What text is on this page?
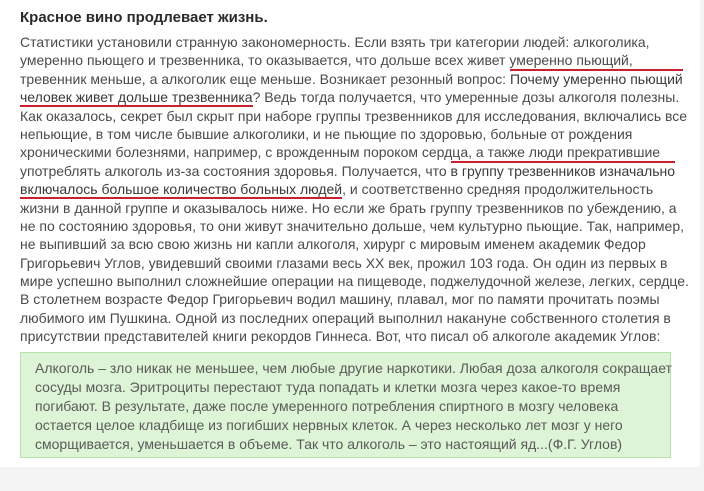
Красное вино продлевает жизнь.
Статистики установили странную закономерность. Если взять три категории людей: алкоголика,
умеренно пьющего и трезвенника, то оказывается, что дольше всех живет умеренно пьющий,
тревенник меньше, а алкоголик еще меньше. Возникает резонный вопрос: Почему умеренно пьющий
человек живет дольше трезвенника? Ведь тогда получается, что умеренные дозы алкоголя полезны.
Как оказалось, секрет был скрыт при наборе группы трезвенников для исследования, включались все
непьющие, в том числе бывшие алкоголики, и не пьющие по здоровью, больные от рождения
хроническими болезнями, например, с врожденным пороком сердца, а также люди прекратившие
употреблять алкоголь из-за состояния здоровья. Получается, что в группу трезвенников изначально
включалось большое количество больных людей, и соответственно средняя продолжительность
жизни в данной группе и оказывалось ниже. Но если же брать группу трезвенников по убеждению, а
не по состоянию здоровья, то они живут значительно дольше, чем культурно пьющие. Так, например,
не выпивший за всю свою жизнь ни капли алкоголя, хирург с мировым именем академик Федор
Григорьевич Углов, увидевший своими глазами весь XX век, прожил 103 года. Он один из первых в
мире успешно выполнил сложнейшие операции на пищеводе, поджелудочной железе, легких, сердце.
В столетнем возрасте Федор Григорьевич водил машину, плавал, мог по памяти прочитать поэмы
любимого им Пушкина. Одной из последних операций выполнил накануне собственного столетия в
присутствии представителей книги рекордов Гиннеса. Вот, что писал об алкоголе академик Углов:
Алкоголь – зло никак не меньшее, чем любые другие наркотики. Любая доза алкоголя сокращает
сосуды мозга. Эритроциты перестают туда попадать и клетки мозга через какое-то время
погибают. В результате, даже после умеренного потребления спиртного в мозгу человека
остается целое кладбище из погибших нервных клеток. А через несколько лет мозг у него
сморщивается, уменьшается в объеме. Так что алкоголь – это настоящий яд...(Ф.Г. Углов)
